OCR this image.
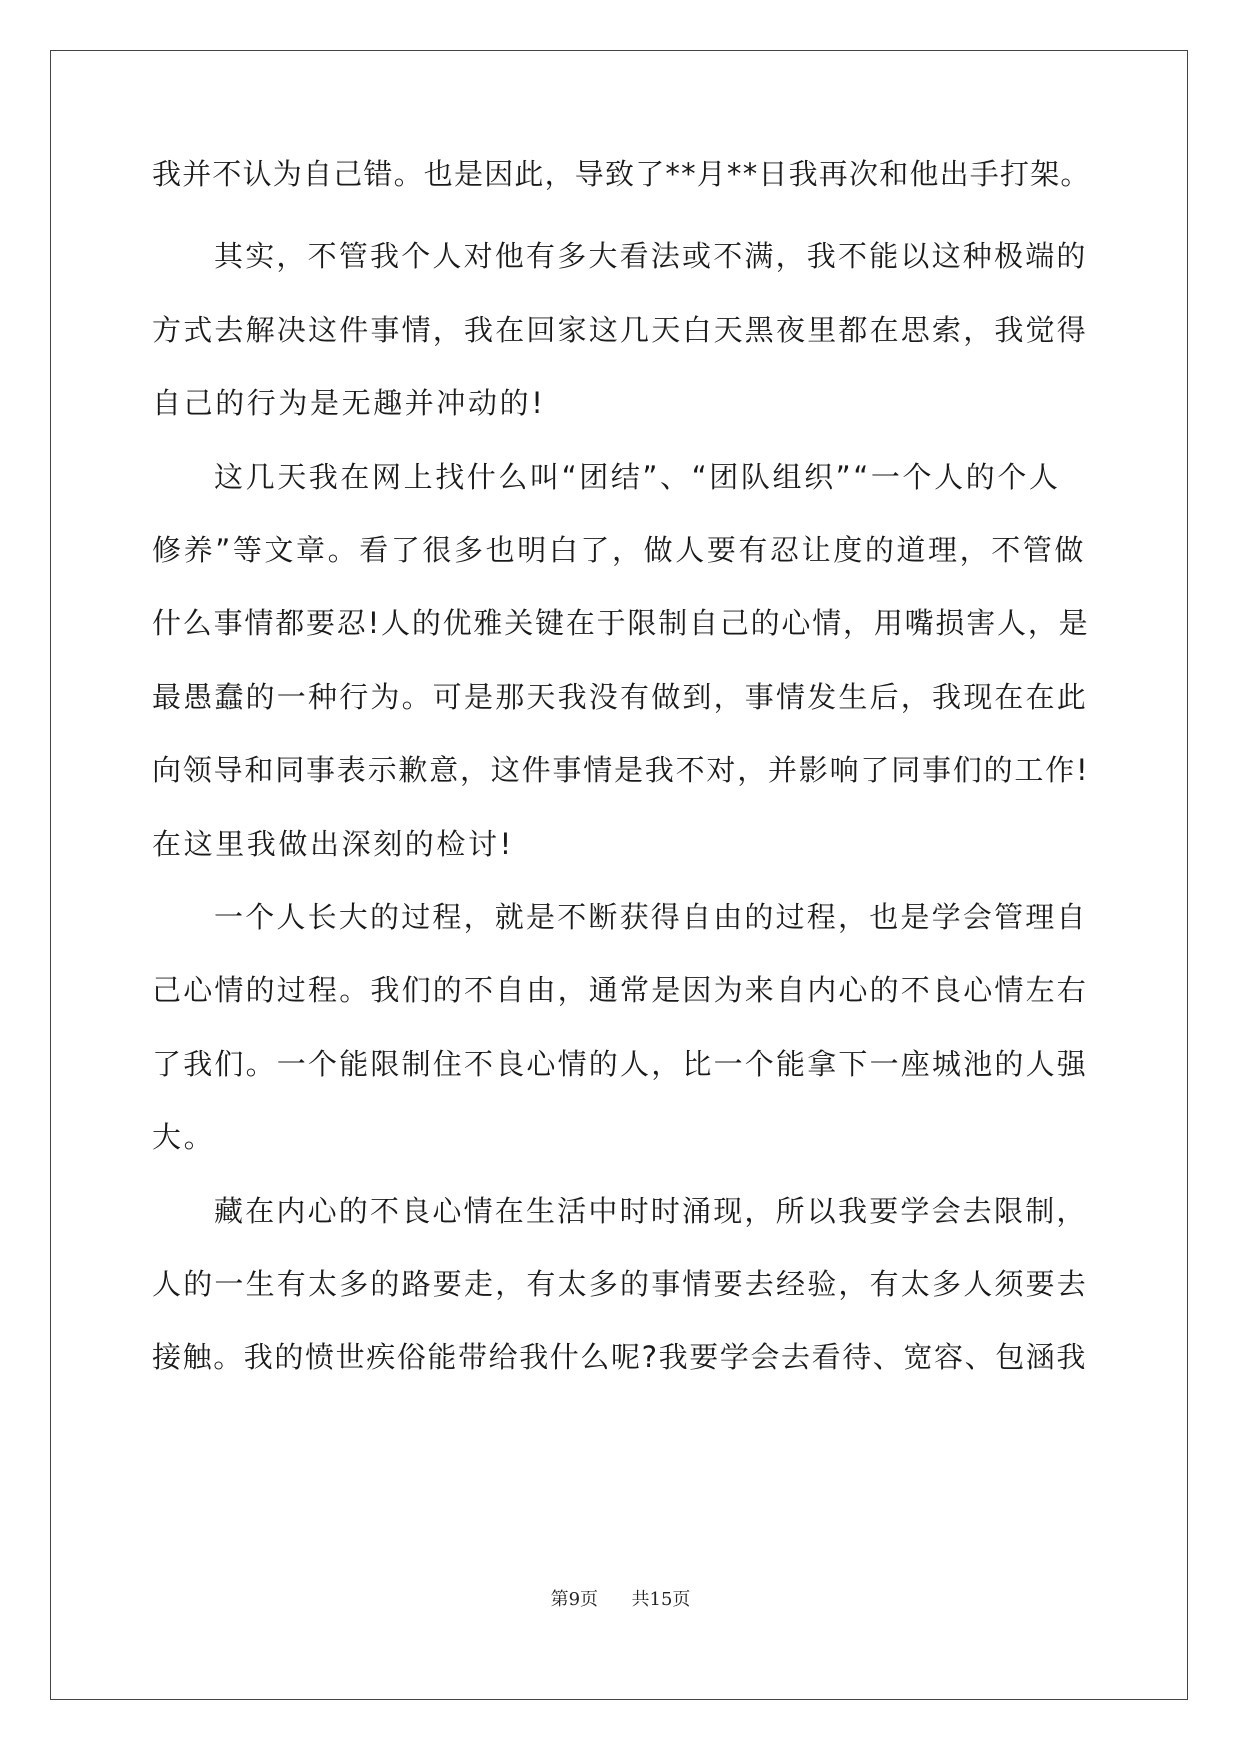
我并不认为自己错。也是因此，导致了**月**日我再次和他出手打架。
其实，不管我个人对他有多大看法或不满，我不能以这种极端的
方式去解决这件事情，我在回家这几天白天黑夜里都在思索，我觉得
自己的行为是无趣并冲动的!
这几天我在网上找什么叫“团结”、“团队组织”“一个人的个人
修养”等文章。看了很多也明白了，做人要有忍让度的道理，不管做
什么事情都要忍!人的优雅关键在于限制自己的心情，用嘴损害人，是
最愚蠢的一种行为。可是那天我没有做到，事情发生后，我现在在此
向领导和同事表示歉意，这件事情是我不对，并影响了同事们的工作!
在这里我做出深刻的检讨!
一个人长大的过程，就是不断获得自由的过程，也是学会管理自
己心情的过程。我们的不自由，通常是因为来自内心的不良心情左右
了我们。一个能限制住不良心情的人，比一个能拿下一座城池的人强
大。
藏在内心的不良心情在生活中时时涌现，所以我要学会去限制，
人的一生有太多的路要走，有太多的事情要去经验，有太多人须要去
接触。我的愤世疾俗能带给我什么呢?我要学会去看待、宽容、包涵我
第9页 共15页
